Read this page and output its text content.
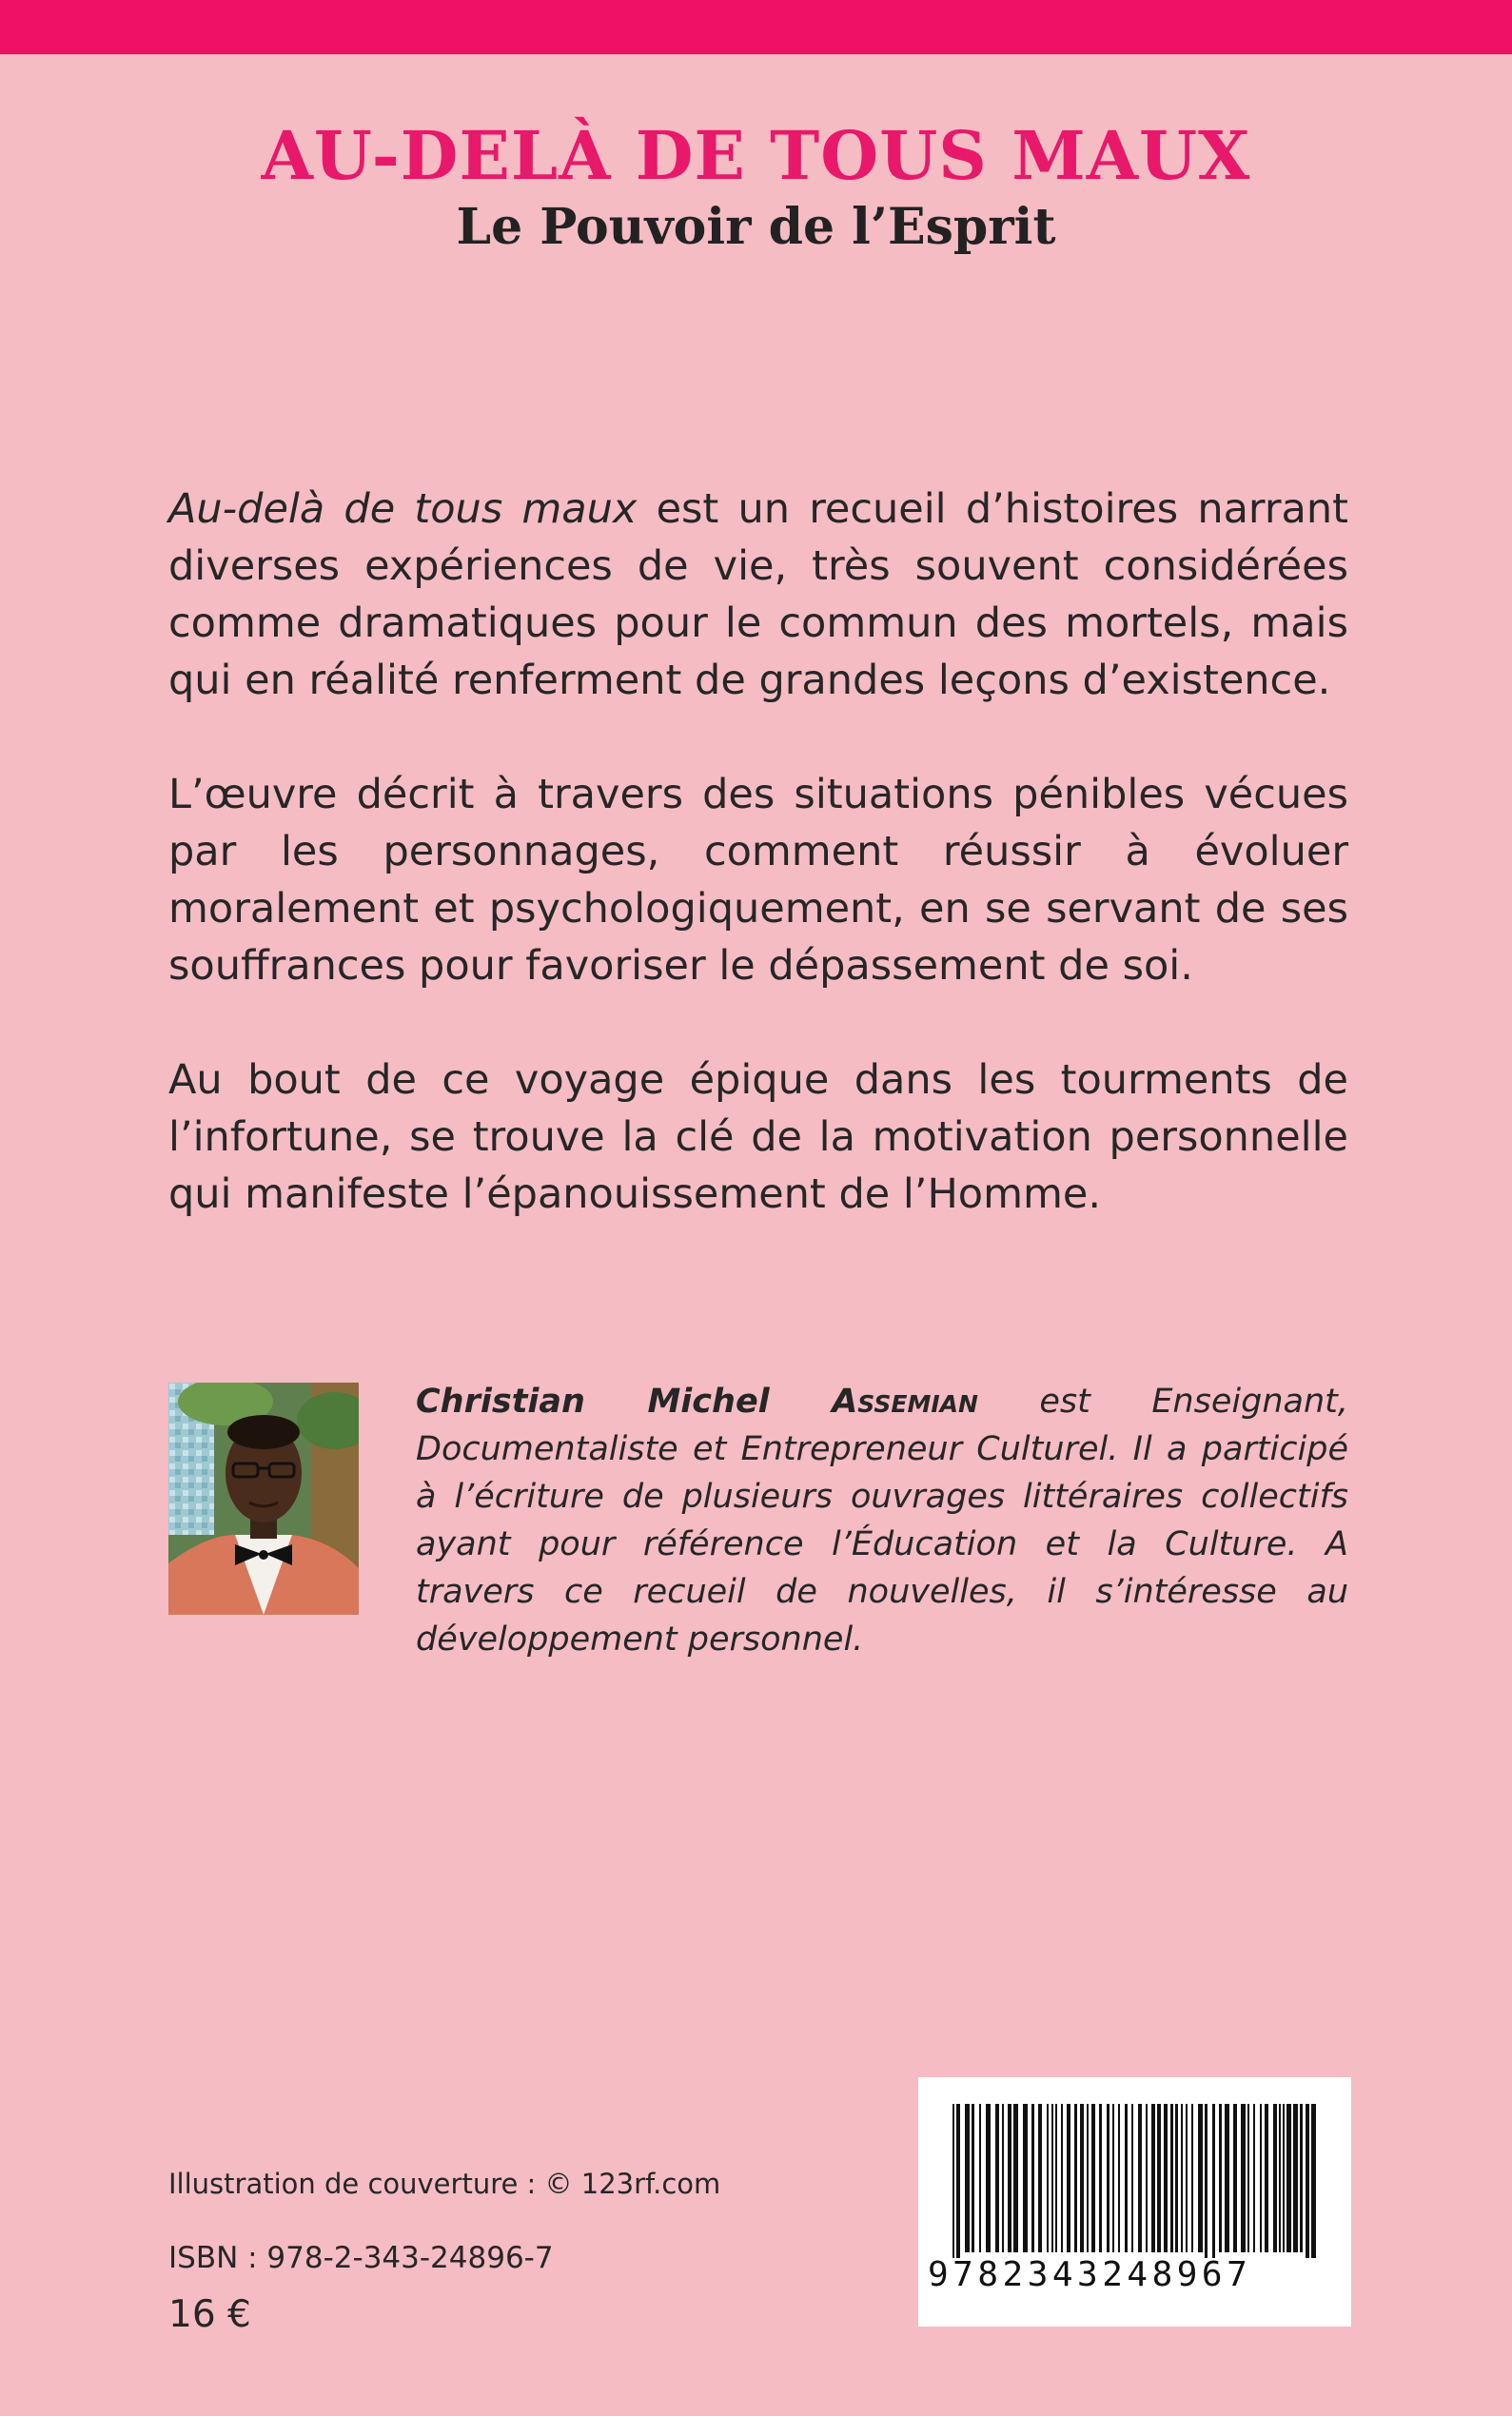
AU-DELÀ DE TOUS MAUX
Le Pouvoir de l’Esprit

Au-delà de tous maux est un recueil d’histoires narrant diverses expériences de vie, très souvent considérées comme dramatiques pour le commun des mortels, mais qui en réalité renferment de grandes leçons d’existence.

L’œuvre décrit à travers des situations pénibles vécues par les personnages, comment réussir à évoluer moralement et psychologiquement, en se servant de ses souffrances pour favoriser le dépassement de soi.

Au bout de ce voyage épique dans les tourments de l’infortune, se trouve la clé de la motivation personnelle qui manifeste l’épanouissement de l’Homme.

Christian Michel Assemian est Enseignant, Documentaliste et Entrepreneur Culturel. Il a participé à l’écriture de plusieurs ouvrages littéraires collectifs ayant pour référence l’Éducation et la Culture. A travers ce recueil de nouvelles, il s’intéresse au développement personnel.

Illustration de couverture : © 123rf.com

ISBN : 978-2-343-24896-7

16 €

9782343248967
